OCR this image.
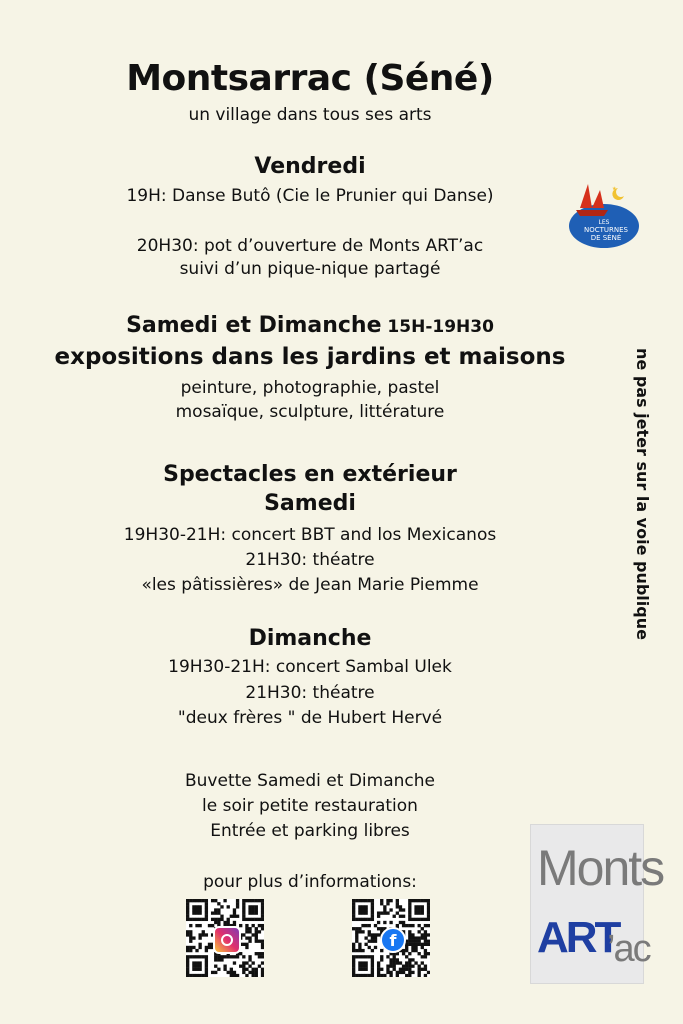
Montsarrac (Séné)
un village dans tous ses arts
Vendredi
19H: Danse Butô (Cie le Prunier qui Danse)
20H30: pot d’ouverture de Monts ART’ac
suivi d’un pique-nique partagé
Samedi et Dimanche 15H-19H30
expositions dans les jardins et maisons
peinture, photographie, pastel
mosaïque, sculpture, littérature
Spectacles en extérieur
Samedi
19H30-21H: concert BBT and los Mexicanos
21H30: théatre
«les pâtissières» de Jean Marie Piemme
Dimanche
19H30-21H: concert Sambal Ulek
21H30: théatre
"deux frères " de Hubert Hervé
Buvette Samedi et Dimanche
le soir petite restauration
Entrée et parking libres
pour plus d’informations:
ne pas jeter sur la voie publique
★
LES
NOCTURNES
DE SÉNÉ
f
Monts
ART
’ac
